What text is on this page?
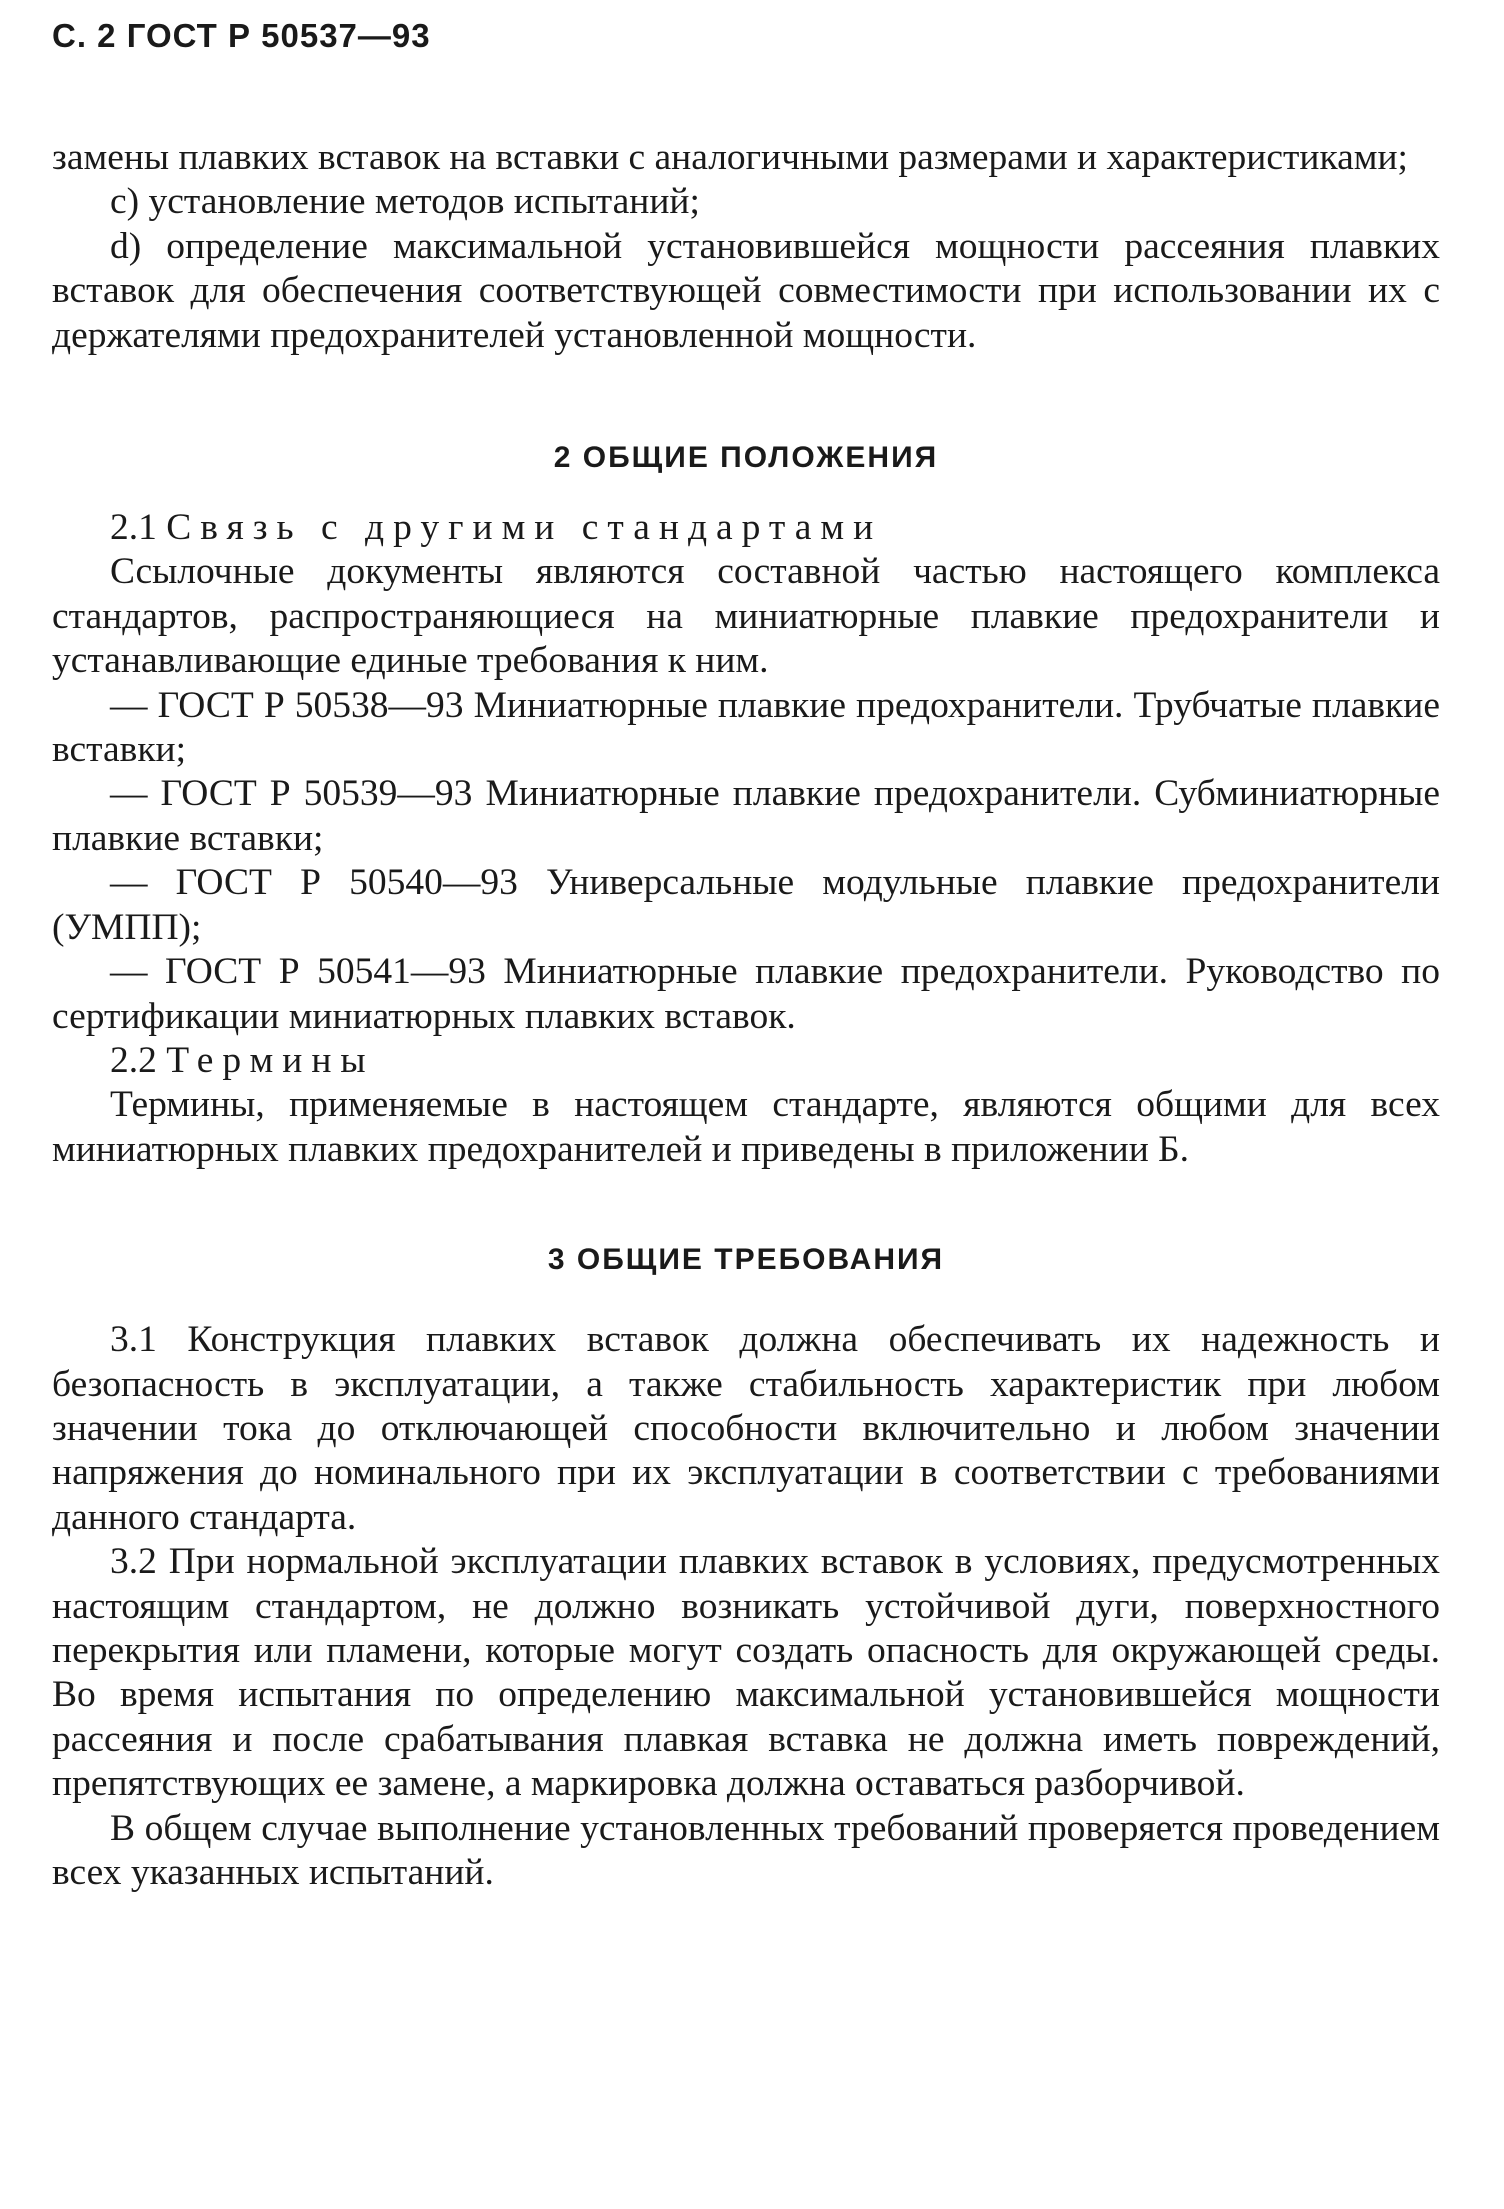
С. 2 ГОСТ Р 50537—93

замены плавких вставок на вставки с аналогичными размерами и характеристиками;

с) установление методов испытаний;

d) определение максимальной установившейся мощности рассеяния плавких вставок для обеспечения соответствующей совместимости при использовании их с держателями предохранителей установленной мощности.

2 ОБЩИЕ ПОЛОЖЕНИЯ

2.1 Связь с другими стандартами

Ссылочные документы являются составной частью настоящего комплекса стандартов, распространяющиеся на миниатюрные плавкие предохранители и устанавливающие единые требования к ним.

— ГОСТ Р 50538—93 Миниатюрные плавкие предохранители. Трубчатые плавкие вставки;

— ГОСТ Р 50539—93 Миниатюрные плавкие предохранители. Субминиатюрные плавкие вставки;

— ГОСТ Р 50540—93 Универсальные модульные плавкие предохранители (УМПП);

— ГОСТ Р 50541—93 Миниатюрные плавкие предохранители. Руководство по сертификации миниатюрных плавких вставок.

2.2 Термины

Термины, применяемые в настоящем стандарте, являются общими для всех миниатюрных плавких предохранителей и приведены в приложении Б.

3 ОБЩИЕ ТРЕБОВАНИЯ

3.1 Конструкция плавких вставок должна обеспечивать их надежность и безопасность в эксплуатации, а также стабильность характеристик при любом значении тока до отключающей способности включительно и любом значении напряжения до номинального при их эксплуатации в соответствии с требованиями данного стандарта.

3.2 При нормальной эксплуатации плавких вставок в условиях, предусмотренных настоящим стандартом, не должно возникать устойчивой дуги, поверхностного перекрытия или пламени, которые могут создать опасность для окружающей среды. Во время испытания по определению максимальной установившейся мощности рассеяния и после срабатывания плавкая вставка не должна иметь повреждений, препятствующих ее замене, а маркировка должна оставаться разборчивой.

В общем случае выполнение установленных требований проверяется проведением всех указанных испытаний.
